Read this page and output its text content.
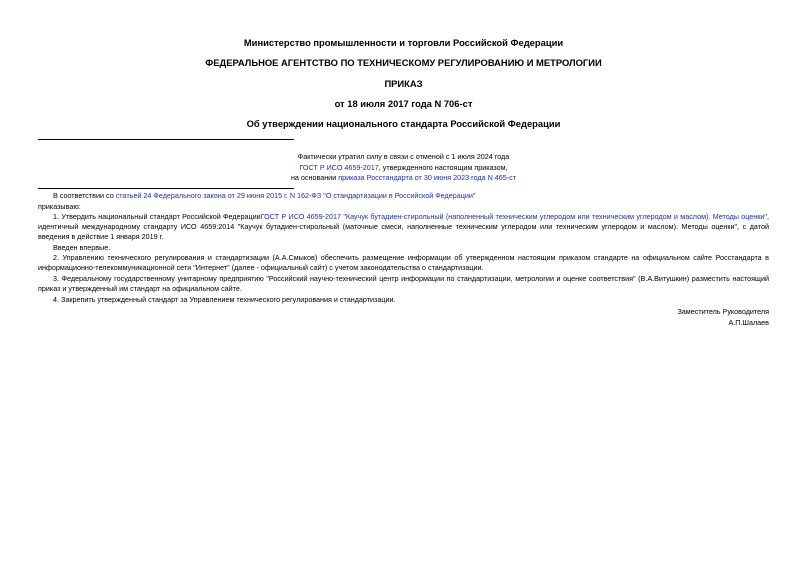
Министерство промышленности и торговли Российской Федерации
ФЕДЕРАЛЬНОЕ АГЕНТСТВО ПО ТЕХНИЧЕСКОМУ РЕГУЛИРОВАНИЮ И МЕТРОЛОГИИ
ПРИКАЗ
от 18 июля 2017 года N 706-ст
Об утверждении национального стандарта Российской Федерации
Фактически утратил силу в связи с отменой с 1 июля 2024 года
ГОСТ Р ИСО 4659-2017, утвержденного настоящим приказом,
на основании приказа Росстандарта от 30 июня 2023 года N 465-ст
В соответствии со статьей 24 Федерального закона от 29 июня 2015 г. N 162-ФЗ "О стандартизации в Российской Федерации"
приказываю:
1. Утвердить национальный стандарт Российской ФедерацииГОСТ Р ИСО 4659-2017 "Каучук бутадиен-стирольный (наполненный техническим углеродом или техническим углеродом и маслом). Методы оценки", идентичный международному стандарту ИСО 4659:2014 "Каучук бутадиен-стирольный (маточные смеси, наполненные техническим углеродом или техническим углеродом и маслом). Методы оценки", с датой введения в действие 1 января 2019 г.
Введен впервые.
2. Управлению технического регулирования и стандартизации (А.А.Смыков) обеспечить размещение информации об утвержденном настоящим приказом стандарте на официальном сайте Росстандарта в информационно-телекоммуникационной сети "Интернет" (далее - официальный сайт) с учетом законодательства о стандартизации.
3. Федеральному государственному унитарному предприятию "Российский научно-технический центр информации по стандартизации, метрологии и оценке соответствия" (В.А.Витушкин) разместить настоящий приказ и утвержденный им стандарт на официальном сайте.
4. Закрепить утвержденный стандарт за Управлением технического регулирования и стандартизации.
Заместитель Руководителя
А.П.Шалаев
